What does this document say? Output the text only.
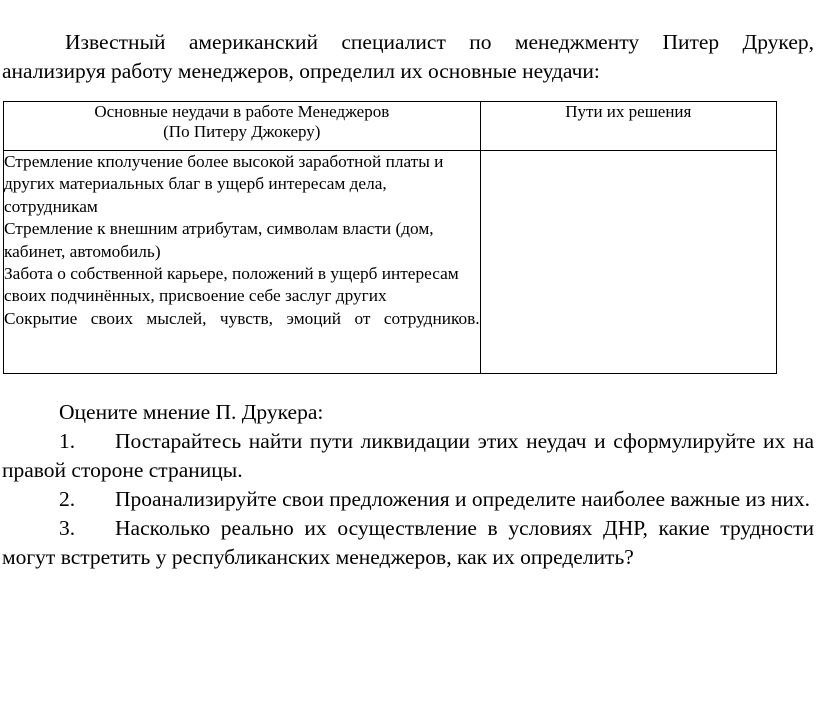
Известный американский специалист по менеджменту Питер Друкер,
анализируя работу менеджеров, определил их основные неудачи:
Основные неудачи в работе Менеджеров
(По Питеру Джокеру)	Пути их решения

Стремление кполучение более высокой заработной платы и других материальных благ в ущерб интересам дела, сотрудникам
Стремление к внешним атрибутам, символам власти (дом, кабинет, автомобиль)
Забота о собственной карьере, положений в ущерб интересам своих подчинённых, присвоение себе заслуг других
Сокрытие своих мыслей, чувств, эмоций от сотрудников.	

Оцените мнение П. Друкера:

1. Постарайтесь найти пути ликвидации этих неудач и сформулируйте их на правой стороне страницы.

2. Проанализируйте свои предложения и определите наиболее важные из них.

3. Насколько реально их осуществление в условиях ДНР, какие трудности могут встретить у республиканских менеджеров, как их определить?
